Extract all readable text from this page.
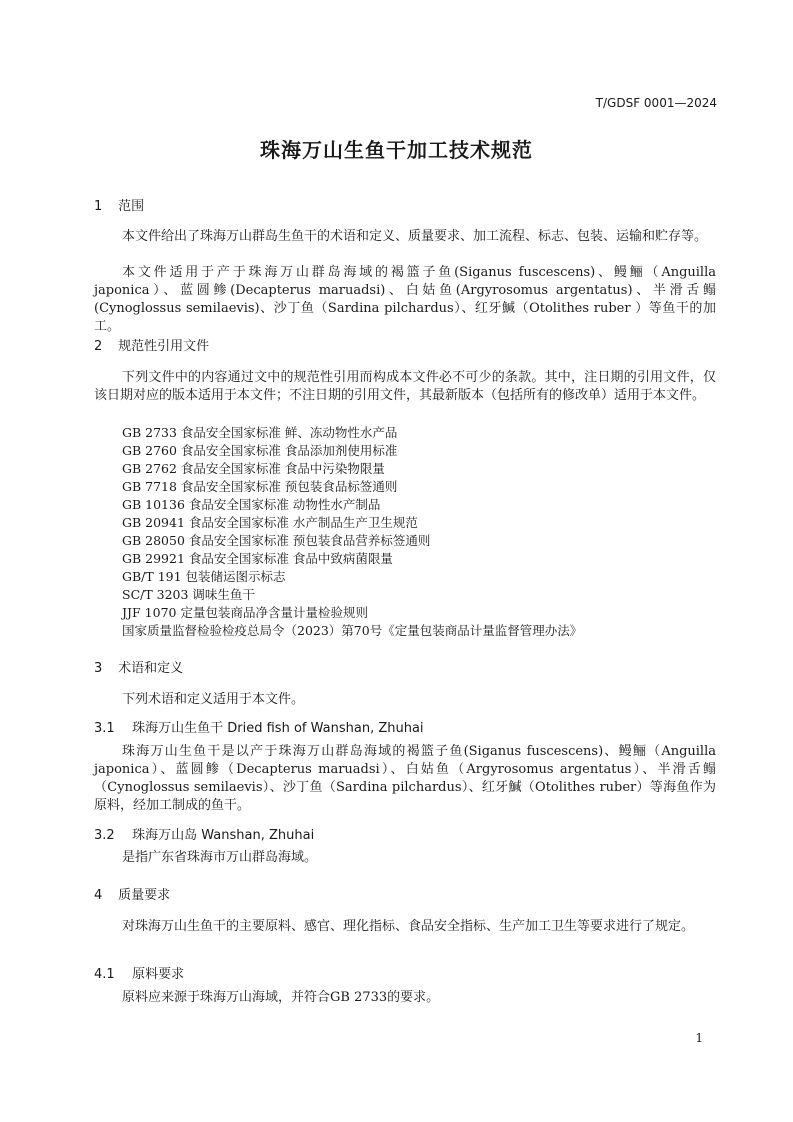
T/GDSF 0001—2024
珠海万山生鱼干加工技术规范
1 范围
本文件给出了珠海万山群岛生鱼干的术语和定义、质量要求、加工流程、标志、包装、运输和贮存等。
本文件适用于产于珠海万山群岛海域的褐篮子鱼(Siganus fuscescens)、鳗鲡（Anguilla japonica）、蓝圆鲹(Decapterus maruadsi)、白姑鱼(Argyrosomus argentatus)、半滑舌鳎(Cynoglossus semilaevis)、沙丁鱼（Sardina pilchardus）、红牙鰔（Otolithes ruber ）等鱼干的加工。
2 规范性引用文件
下列文件中的内容通过文中的规范性引用而构成本文件必不可少的条款。其中，注日期的引用文件，仅该日期对应的版本适用于本文件；不注日期的引用文件，其最新版本（包括所有的修改单）适用于本文件。
GB 2733 食品安全国家标准 鲜、冻动物性水产品
GB 2760 食品安全国家标准 食品添加剂使用标准
GB 2762 食品安全国家标准 食品中污染物限量
GB 7718 食品安全国家标准 预包装食品标签通则
GB 10136 食品安全国家标准 动物性水产制品
GB 20941 食品安全国家标准 水产制品生产卫生规范
GB 28050 食品安全国家标准 预包装食品营养标签通则
GB 29921 食品安全国家标准 食品中致病菌限量
GB/T 191 包装储运图示标志
SC/T 3203 调味生鱼干
JJF 1070 定量包装商品净含量计量检验规则
国家质量监督检验检疫总局令（2023）第70号《定量包装商品计量监督管理办法》
3 术语和定义
下列术语和定义适用于本文件。
3.1 珠海万山生鱼干 Dried fish of Wanshan, Zhuhai
珠海万山生鱼干是以产于珠海万山群岛海域的褐篮子鱼(Siganus fuscescens)、鳗鲡（Anguilla japonica）、蓝圆鲹（Decapterus maruadsi）、白姑鱼（Argyrosomus argentatus）、半滑舌鳎（Cynoglossus semilaevis）、沙丁鱼（Sardina pilchardus）、红牙鰔（Otolithes ruber）等海鱼作为原料，经加工制成的鱼干。
3.2 珠海万山岛 Wanshan, Zhuhai
是指广东省珠海市万山群岛海域。
4 质量要求
对珠海万山生鱼干的主要原料、感官、理化指标、食品安全指标、生产加工卫生等要求进行了规定。
4.1 原料要求
原料应来源于珠海万山海域，并符合GB 2733的要求。
1
